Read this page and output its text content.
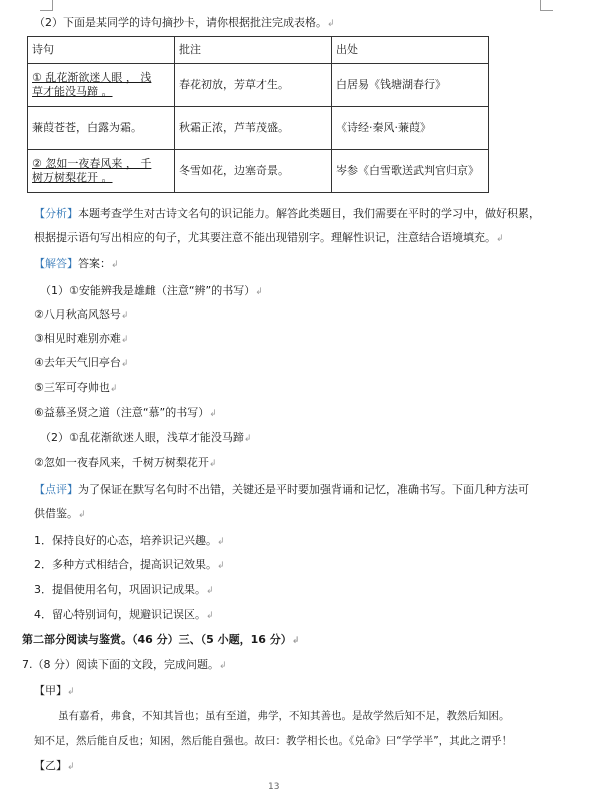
（2）下面是某同学的诗句摘抄卡，请你根据批注完成表格。↲
诗句	批注	出处

① 乱花渐欲迷人眼 ， 浅
草才能没马蹄 。	春花初放，芳草才生。	白居易《钱塘湖春行》
蒹葭苍苍，白露为霜。	秋霜正浓，芦苇茂盛。	《诗经·秦风·蒹葭》

② 忽如一夜春风来 ， 千
树万树梨花开 。	冬雪如花，边塞奇景。	岑参《白雪歌送武判官归京》
【分析】本题考查学生对古诗文名句的识记能力。解答此类题目，我们需要在平时的学习中，做好积累，
根据提示语句写出相应的句子，尤其要注意不能出现错别字。理解性识记，注意结合语境填充。↲
【解答】答案：↲
（1）①安能辨我是雄雌（注意“辨”的书写）↲
②八月秋高风怒号↲
③相见时难别亦难↲
④去年天气旧亭台↲
⑤三军可夺帅也↲
⑥益慕圣贤之道（注意“慕”的书写）↲
（2）①乱花渐欲迷人眼，浅草才能没马蹄↲
②忽如一夜春风来，千树万树梨花开↲
【点评】为了保证在默写名句时不出错，关键还是平时要加强背诵和记忆，准确书写。下面几种方法可
供借鉴。↲
1．保持良好的心态，培养识记兴趣。↲
2．多种方式相结合，提高识记效果。↲
3．提倡使用名句，巩固识记成果。↲
4．留心特别词句，规避识记误区。↲
第二部分阅读与鉴赏。（46 分）三、（5 小题，16 分）↲
7.（8 分）阅读下面的文段，完成问题。↲
【甲】↲
虽有嘉肴，弗食，不知其旨也；虽有至道，弗学，不知其善也。是故学然后知不足，教然后知困。
知不足，然后能自反也；知困，然后能自强也。故曰：教学相长也。《兑命》曰“学学半”，其此之谓乎！
【乙】↲
13
